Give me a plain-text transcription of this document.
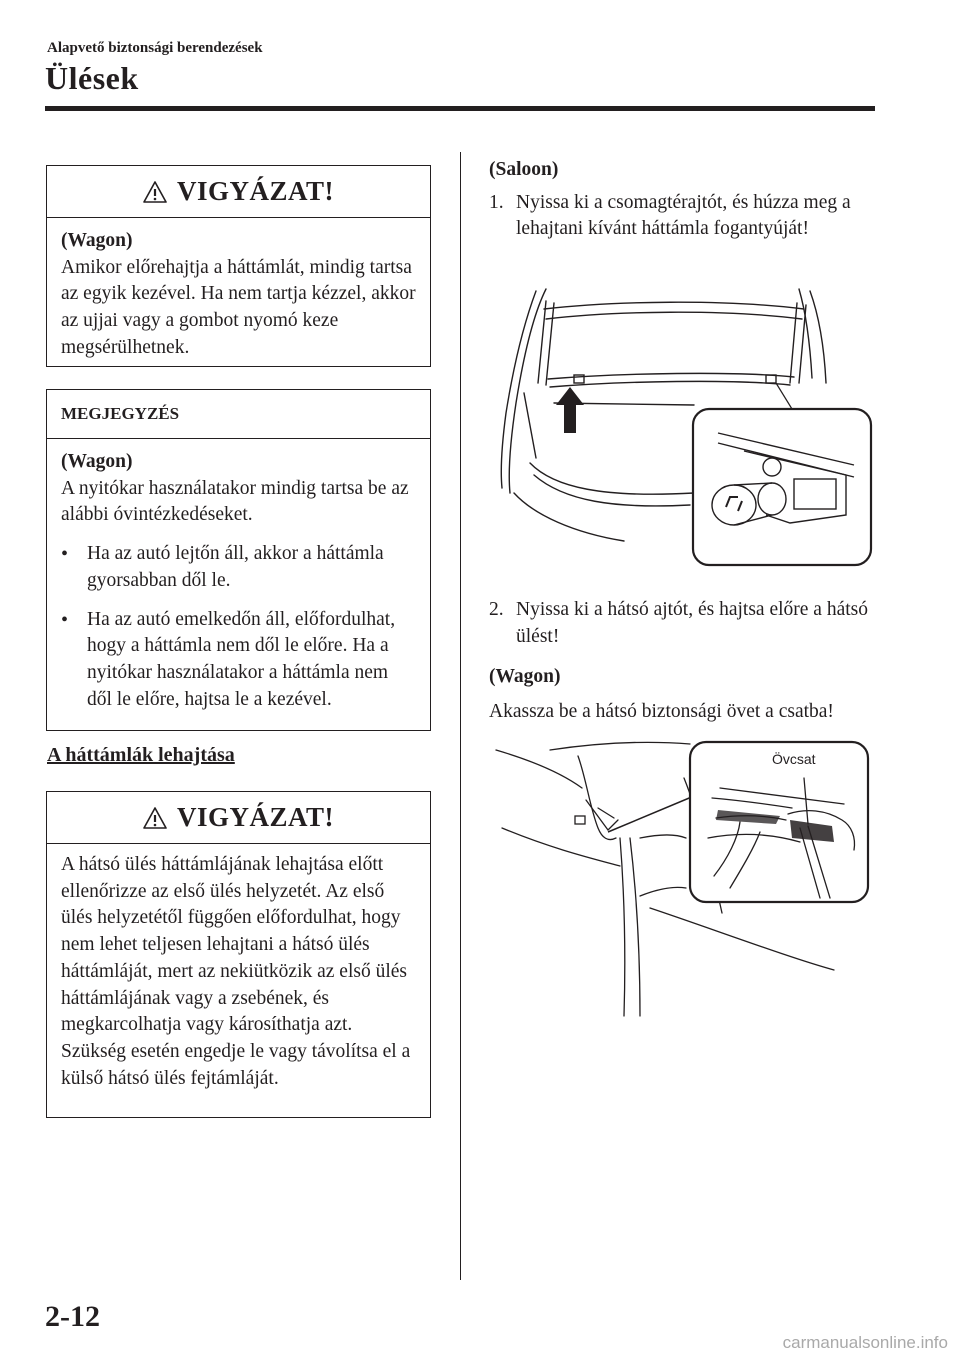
Alapvető biztonsági berendezések
Ülések
VIGYÁZAT!

(Wagon)

Amikor előrehajtja a háttámlát, mindig tartsa az egyik kezével. Ha nem tartja kézzel, akkor az ujjai vagy a gombot nyomó keze megsérülhetnek.

MEGJEGYZÉS

(Wagon)

A nyitókar használatakor mindig tartsa be az alábbi óvintézkedéseket.

• Ha az autó lejtőn áll, akkor a háttámla gyorsabban dől le.
• Ha az autó emelkedőn áll, előfordulhat, hogy a háttámla nem dől le előre. Ha a nyitókar használatakor a háttámla nem dől le előre, hajtsa le a kezével.
A háttámlák lehajtása
VIGYÁZAT!

A hátsó ülés háttámlájának lehajtása előtt ellenőrizze az első ülés helyzetét. Az első ülés helyzetétől függően előfordulhat, hogy nem lehet teljesen lehajtani a hátsó ülés háttámláját, mert az nekiütközik az első ülés háttámlájának vagy a zsebének, és megkarcolhatja vagy károsíthatja azt. Szükség esetén engedje le vagy távolítsa el a külső hátsó ülés fejtámláját.

(Saloon)

1. Nyissa ki a csomagtérajtót, és húzza meg a lehajtani kívánt háttámla fogantyúját!
2. Nyissa ki a hátsó ajtót, és hajtsa előre a hátsó ülést!

(Wagon)

Akassza be a hátsó biztonsági övet a csatba!

Övcsat
2-12
carmanualsonline.info
